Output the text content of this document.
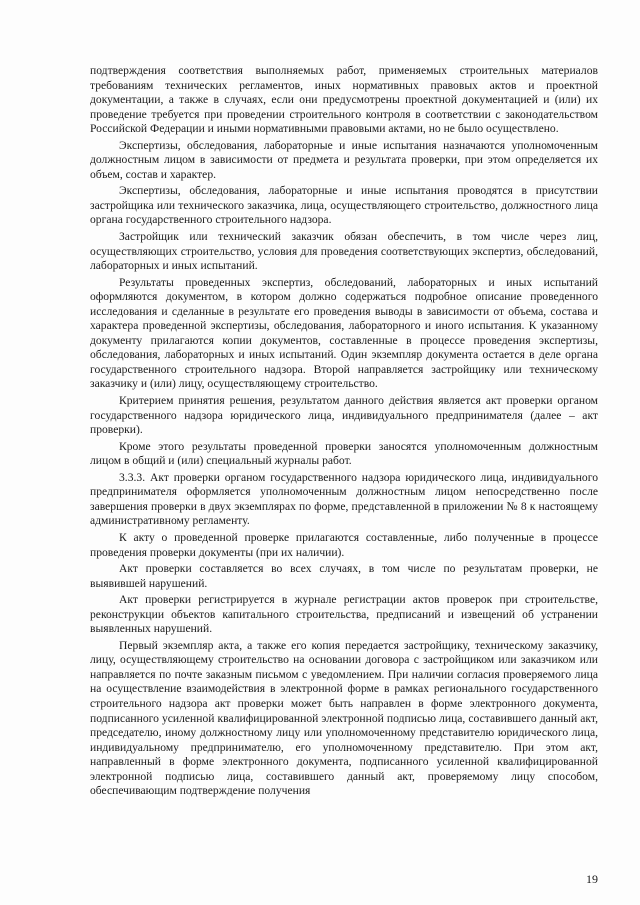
подтверждения соответствия выполняемых работ, применяемых строительных материалов требованиям технических регламентов, иных нормативных правовых актов и проектной документации, а также в случаях, если они предусмотрены проектной документацией и (или) их проведение требуется при проведении строительного контроля в соответствии с законодательством Российской Федерации и иными нормативными правовыми актами, но не было осуществлено.

Экспертизы, обследования, лабораторные и иные испытания назначаются уполномоченным должностным лицом в зависимости от предмета и результата проверки, при этом определяется их объем, состав и характер.

Экспертизы, обследования, лабораторные и иные испытания проводятся в присутствии застройщика или технического заказчика, лица, осуществляющего строительство, должностного лица органа государственного строительного надзора.

Застройщик или технический заказчик обязан обеспечить, в том числе через лиц, осуществляющих строительство, условия для проведения соответствующих экспертиз, обследований, лабораторных и иных испытаний.

Результаты проведенных экспертиз, обследований, лабораторных и иных испытаний оформляются документом, в котором должно содержаться подробное описание проведенного исследования и сделанные в результате его проведения выводы в зависимости от объема, состава и характера проведенной экспертизы, обследования, лабораторного и иного испытания. К указанному документу прилагаются копии документов, составленные в процессе проведения экспертизы, обследования, лабораторных и иных испытаний. Один экземпляр документа остается в деле органа государственного строительного надзора. Второй направляется застройщику или техническому заказчику и (или) лицу, осуществляющему строительство.

Критерием принятия решения, результатом данного действия является акт проверки органом государственного надзора юридического лица, индивидуального предпринимателя (далее – акт проверки).

Кроме этого результаты проведенной проверки заносятся уполномоченным должностным лицом в общий и (или) специальный журналы работ.

3.3.3. Акт проверки органом государственного надзора юридического лица, индивидуального предпринимателя оформляется уполномоченным должностным лицом непосредственно после завершения проверки в двух экземплярах по форме, представленной в приложении № 8 к настоящему административному регламенту.

К акту о проведенной проверке прилагаются составленные, либо полученные в процессе проведения проверки документы (при их наличии).

Акт проверки составляется во всех случаях, в том числе по результатам проверки, не выявившей нарушений.

Акт проверки регистрируется в журнале регистрации актов проверок при строительстве, реконструкции объектов капитального строительства, предписаний и извещений об устранении выявленных нарушений.

Первый экземпляр акта, а также его копия передается застройщику, техническому заказчику, лицу, осуществляющему строительство на основании договора с застройщиком или заказчиком или направляется по почте заказным письмом с уведомлением. При наличии согласия проверяемого лица на осуществление взаимодействия в электронной форме в рамках регионального государственного строительного надзора акт проверки может быть направлен в форме электронного документа, подписанного усиленной квалифицированной электронной подписью лица, составившего данный акт, председателю, иному должностному лицу или уполномоченному представителю юридического лица, индивидуальному предпринимателю, его уполномоченному представителю. При этом акт, направленный в форме электронного документа, подписанного усиленной квалифицированной электронной подписью лица, составившего данный акт, проверяемому лицу способом, обеспечивающим подтверждение получения

19
